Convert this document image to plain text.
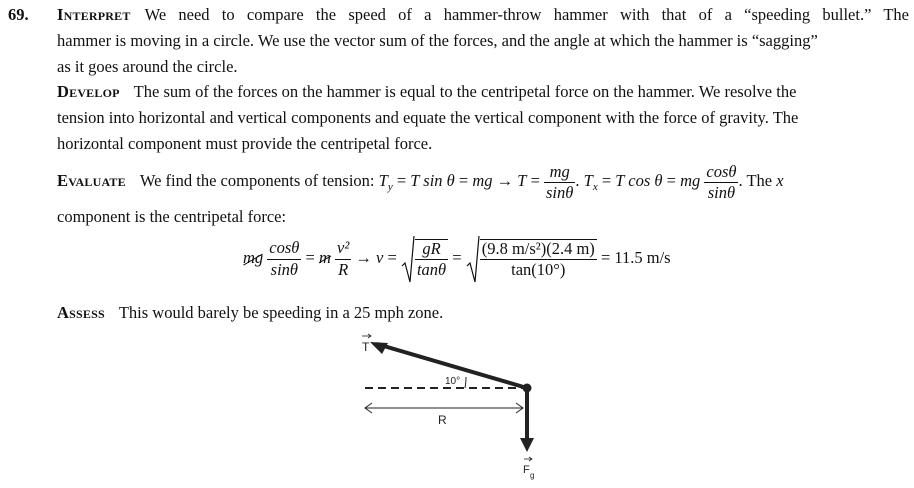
69. Interpret We need to compare the speed of a hammer-throw hammer with that of a “speeding bullet.” The
hammer is moving in a circle. We use the vector sum of the forces, and the angle at which the hammer is “sagging”
as it goes around the circle.
Develop The sum of the forces on the hammer is equal to the centripetal force on the hammer. We resolve the
tension into horizontal and vertical components and equate the vertical component with the force of gravity. The
horizontal component must provide the centripetal force.
Evaluate We find the components of tension: $T_y = T$ sin θ = mg → $T = \frac{mg}{\sin\theta}$ . $T_x = T$ cos θ = mg $\frac{\cos\theta}{\sin\theta}$ . The x
component is the centripetal force:
mg $\frac{\cos\theta}{\sin\theta} = m \frac{\text{v²}}{R} \to v = \frac{gR}{\tan\theta} = \frac{\text{(9.8 m/s²)(2.4 m)}}{\tan(10^\circ)} = 11.5$ m/s
Assess This would barely be speeding in a 25 mph zone.
T
10°
F g
R
